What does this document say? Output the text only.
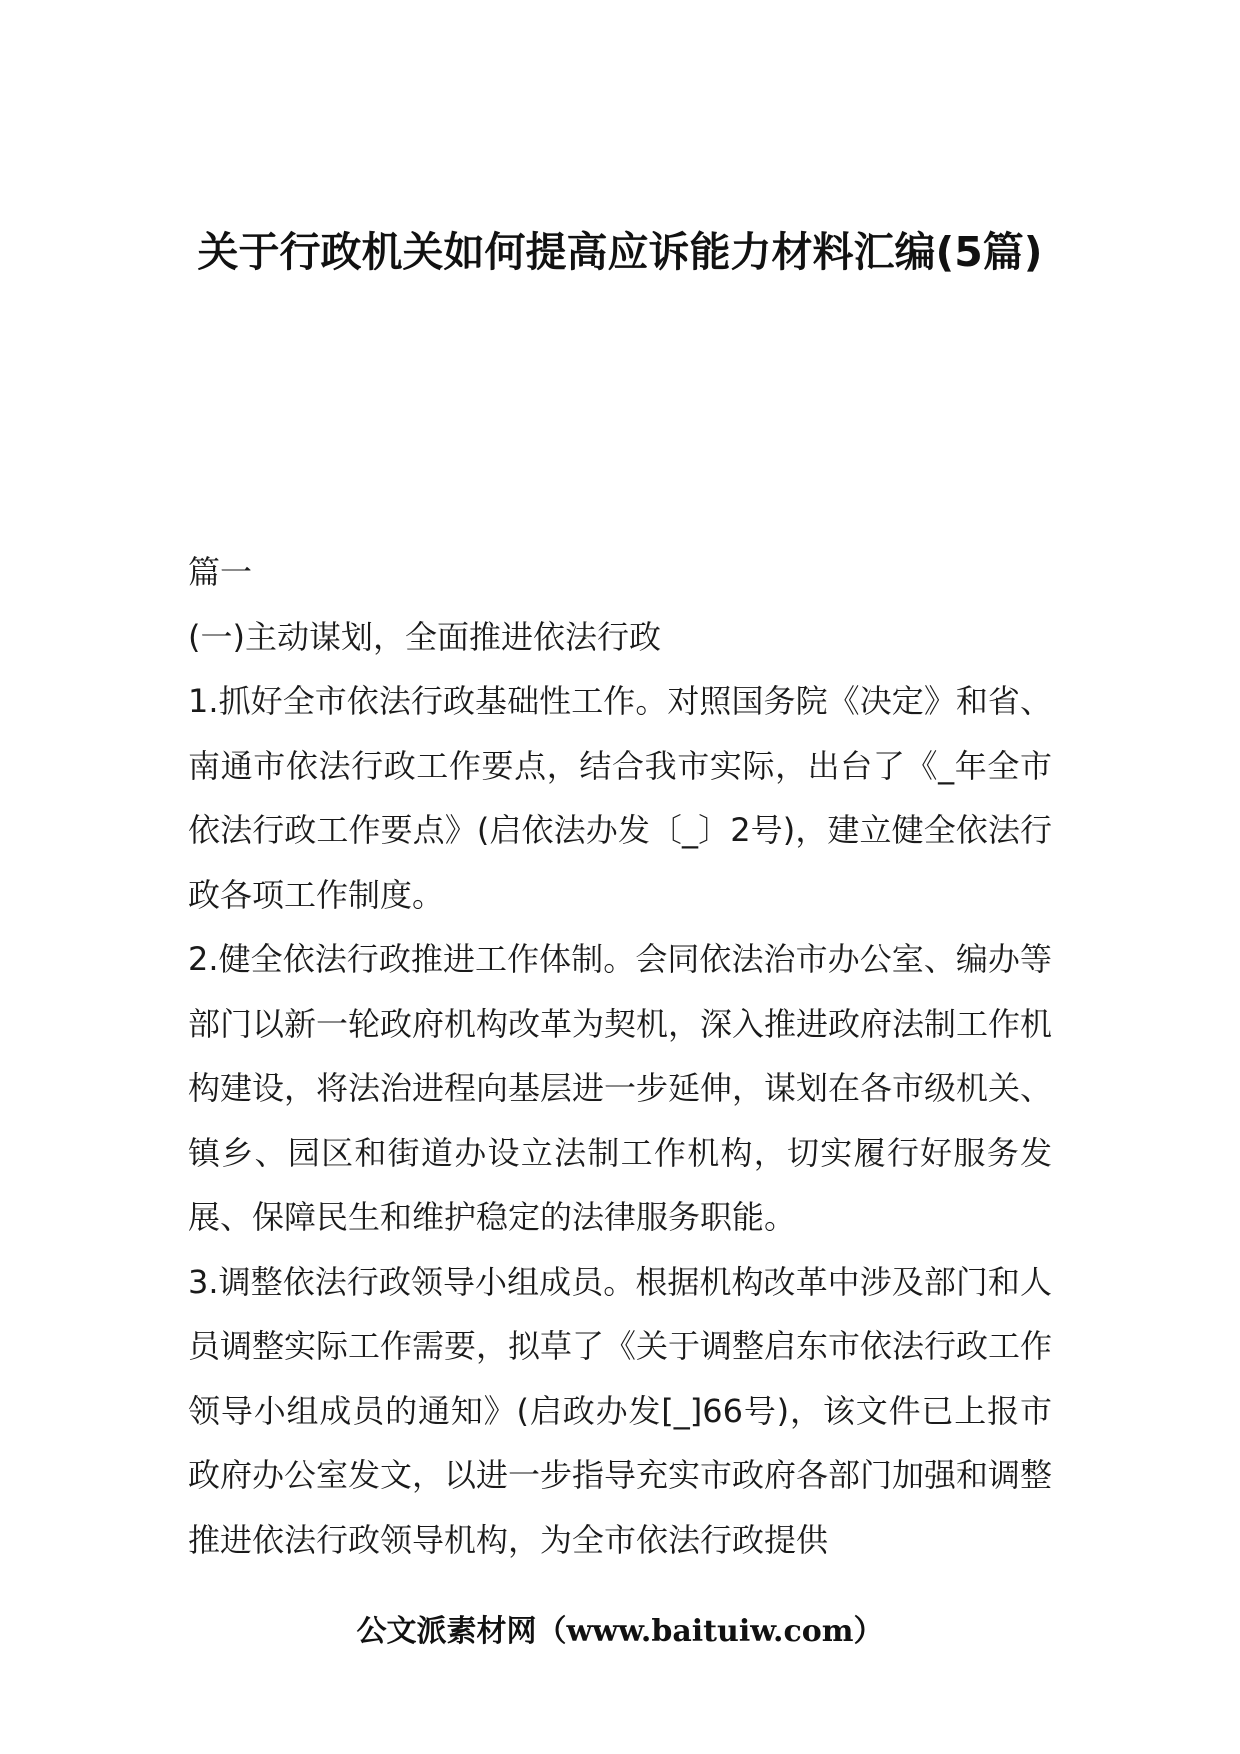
关于行政机关如何提高应诉能力材料汇编(5篇)

篇一

(一)主动谋划，全面推进依法行政

1.抓好全市依法行政基础性工作。对照国务院《决定》和省、南通市依法行政工作要点，结合我市实际，出台了《_年全市依法行政工作要点》(启依法办发〔_〕2号)，建立健全依法行政各项工作制度。

2.健全依法行政推进工作体制。会同依法治市办公室、编办等部门以新一轮政府机构改革为契机，深入推进政府法制工作机构建设，将法治进程向基层进一步延伸，谋划在各市级机关、镇乡、园区和街道办设立法制工作机构，切实履行好服务发展、保障民生和维护稳定的法律服务职能。

3.调整依法行政领导小组成员。根据机构改革中涉及部门和人员调整实际工作需要，拟草了《关于调整启东市依法行政工作领导小组成员的通知》(启政办发[_]66号)，该文件已上报市政府办公室发文，以进一步指导充实市政府各部门加强和调整推进依法行政领导机构，为全市依法行政提供

公文派素材网（www.baituiw.com）
